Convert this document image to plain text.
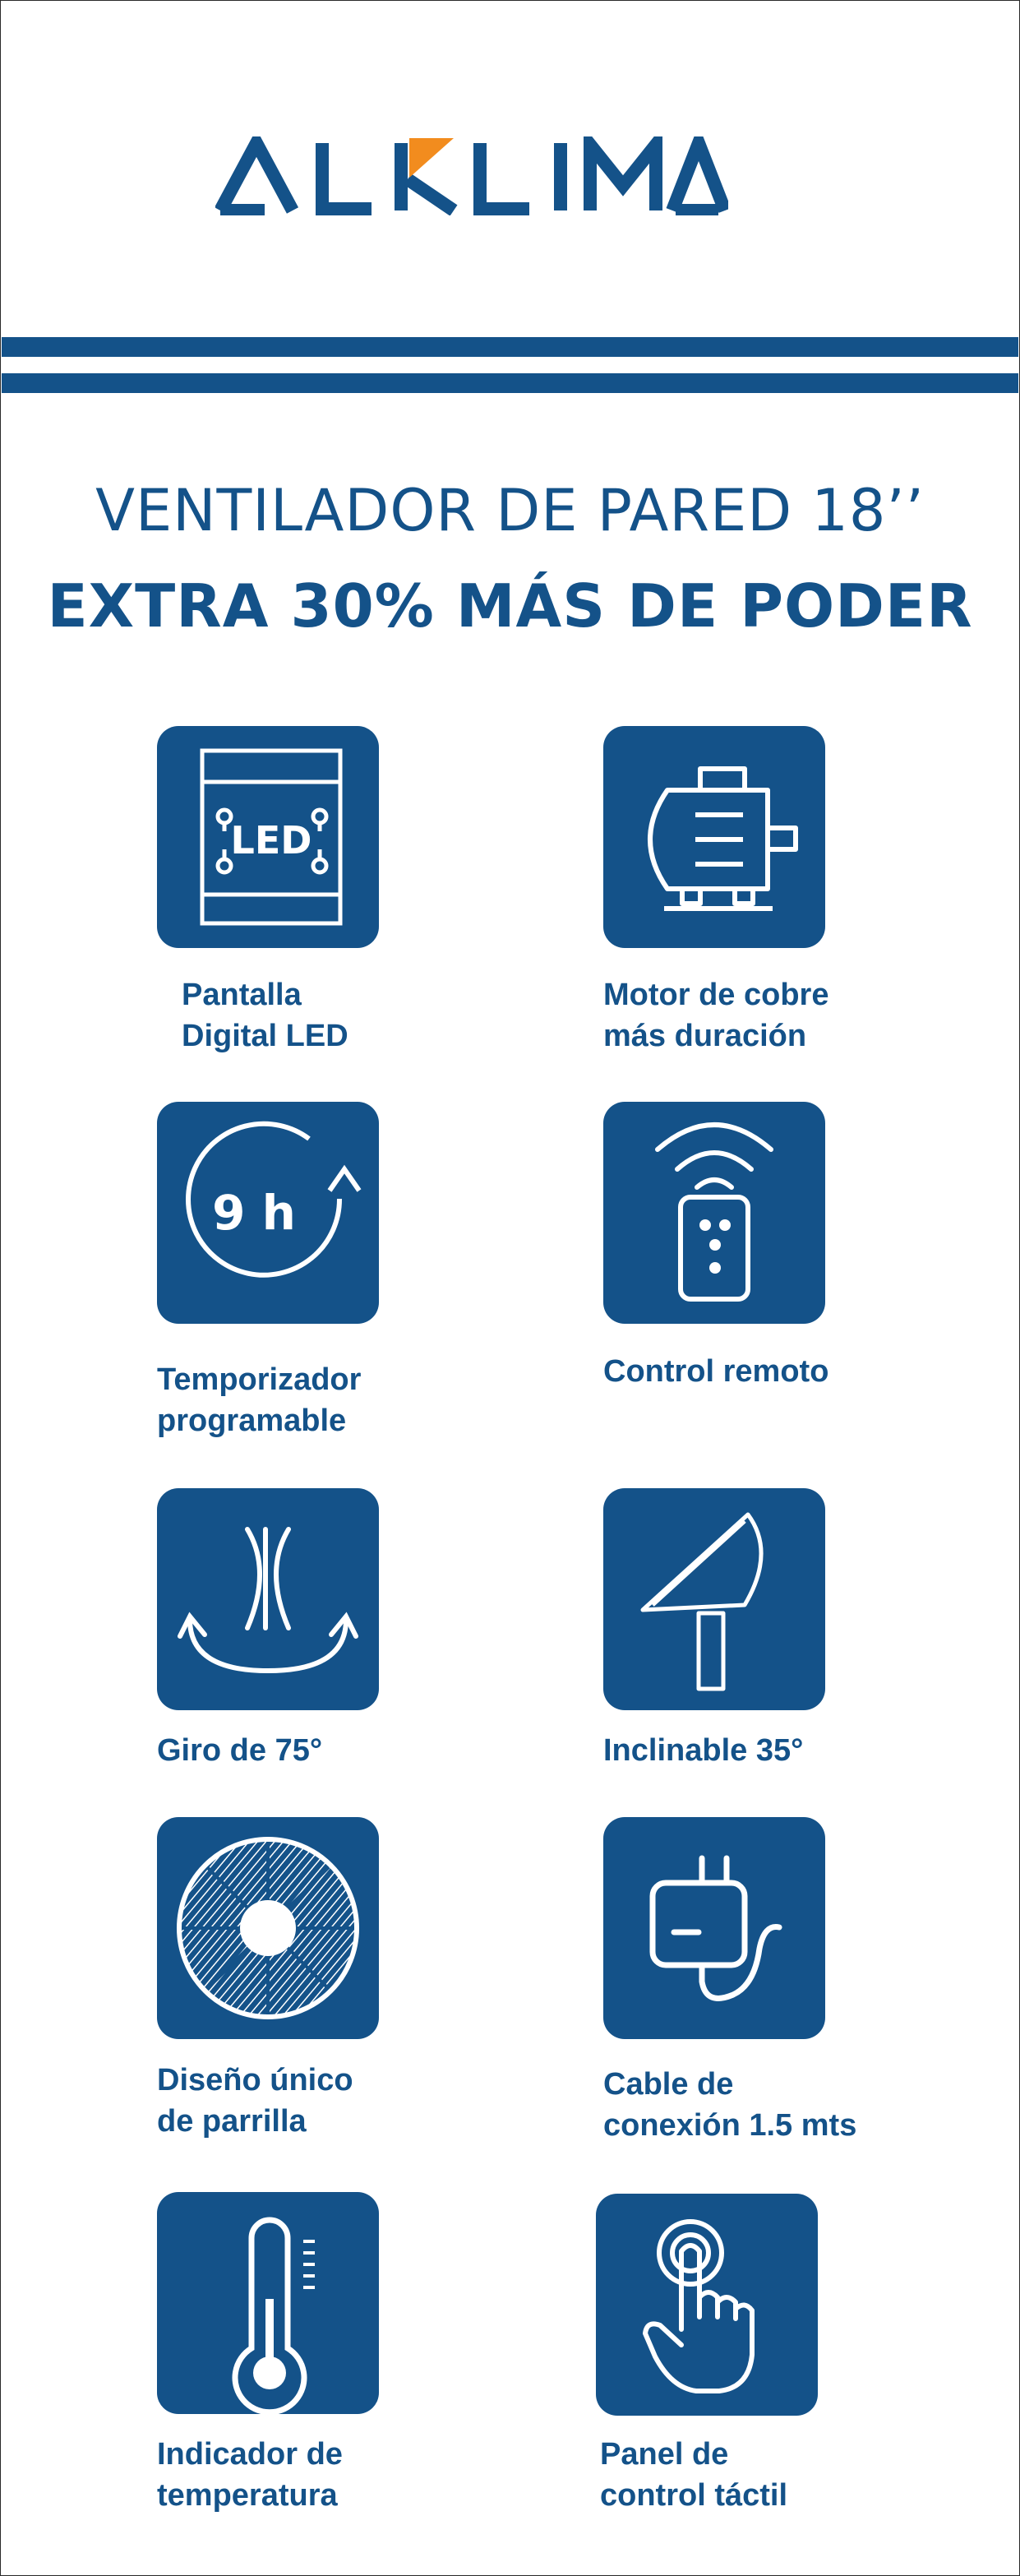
VENTILADOR DE PARED 18’’
EXTRA 30% MÁS DE PODER
LED
Pantalla
Digital LED
Motor de cobre
más duración
9 h
Temporizador
programable
Control remoto
Giro de 75°	Inclinable 35°
Diseño único
de parrilla
Cable de
conexión 1.5 mts
Indicador de
temperatura
Panel de
control táctil
